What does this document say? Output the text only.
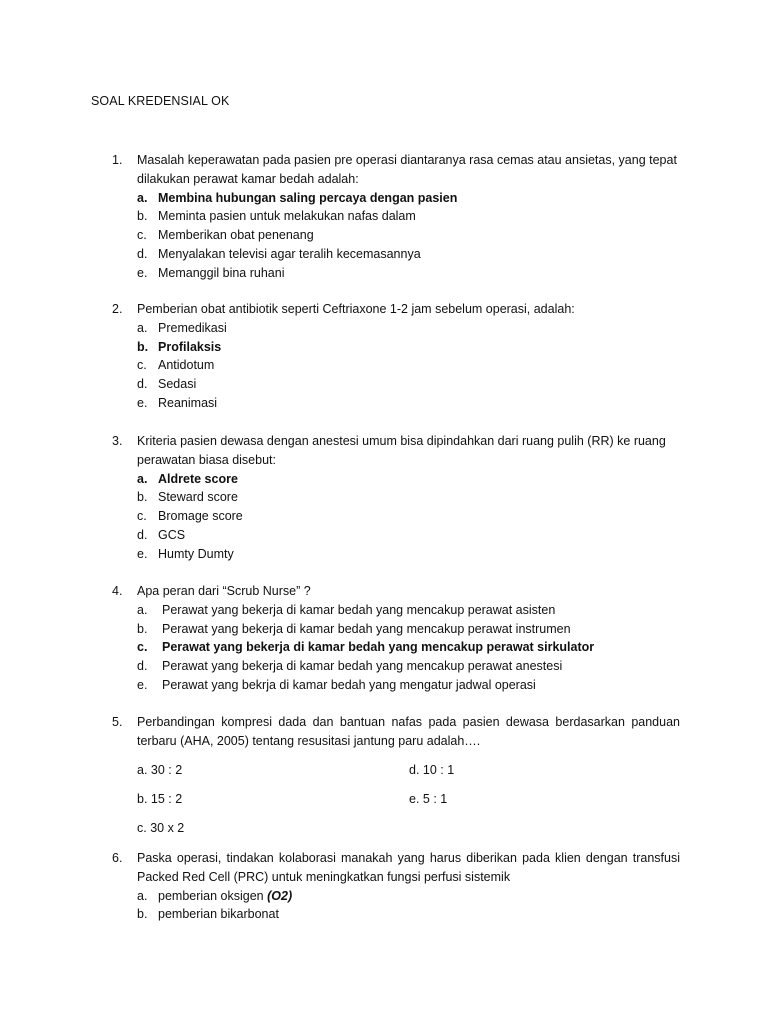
SOAL KREDENSIAL OK
1. Masalah keperawatan pada pasien pre operasi diantaranya rasa cemas atau ansietas, yang tepat dilakukan perawat kamar bedah adalah:
a. Membina hubungan saling percaya dengan pasien
b. Meminta pasien untuk melakukan nafas dalam
c. Memberikan obat penenang
d. Menyalakan televisi agar teralih kecemasannya
e. Memanggil bina ruhani
2. Pemberian obat antibiotik seperti Ceftriaxone 1-2 jam sebelum operasi, adalah:
a. Premedikasi
b. Profilaksis
c. Antidotum
d. Sedasi
e. Reanimasi
3. Kriteria pasien dewasa dengan anestesi umum bisa dipindahkan dari ruang pulih (RR) ke ruang perawatan biasa disebut:
a. Aldrete score
b. Steward score
c. Bromage score
d. GCS
e. Humty Dumty
4. Apa peran dari “Scrub Nurse” ?
a.	Perawat yang bekerja di kamar bedah yang mencakup perawat asisten
b.	Perawat yang bekerja di kamar bedah yang mencakup perawat instrumen
c.	Perawat yang bekerja di kamar bedah yang mencakup perawat sirkulator
d.	Perawat yang bekerja di kamar bedah yang mencakup perawat anestesi
e.	Perawat yang bekrja di kamar bedah yang mengatur jadwal operasi
5. Perbandingan kompresi dada dan bantuan nafas pada pasien dewasa berdasarkan panduan terbaru (AHA, 2005) tentang resusitasi jantung paru adalah….
a. 30 : 2	d. 10 : 1
b. 15 : 2	e. 5 : 1
c. 30 x 2
6. Paska operasi, tindakan kolaborasi manakah yang harus diberikan pada klien dengan transfusi Packed Red Cell (PRC) untuk meningkatkan fungsi perfusi sistemik
a. pemberian oksigen (O2)
b. pemberian bikarbonat
